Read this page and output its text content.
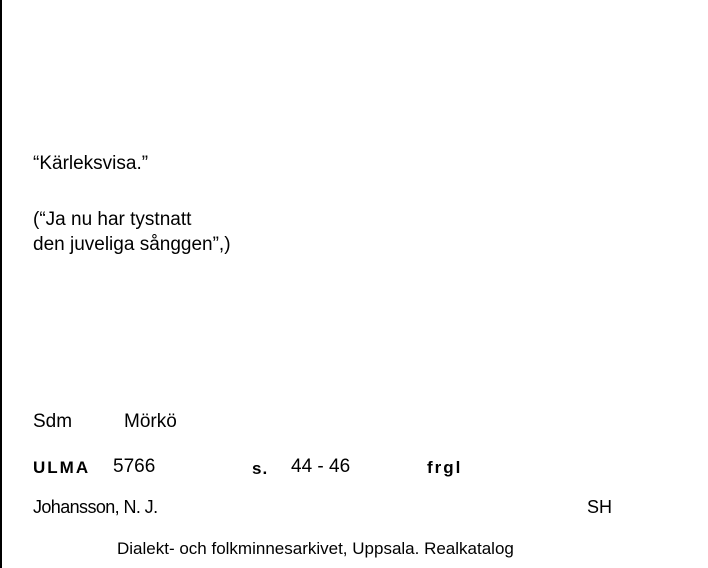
“Kärleksvisa.”
(“Ja nu har tystnatt
den juveliga sånggen”,)
Sdm	Mörkö
ULMA 5766	s. 44 - 46	frgl
Johansson, N. J.	SH
Dialekt- och folkminnesarkivet, Uppsala. Realkatalog
